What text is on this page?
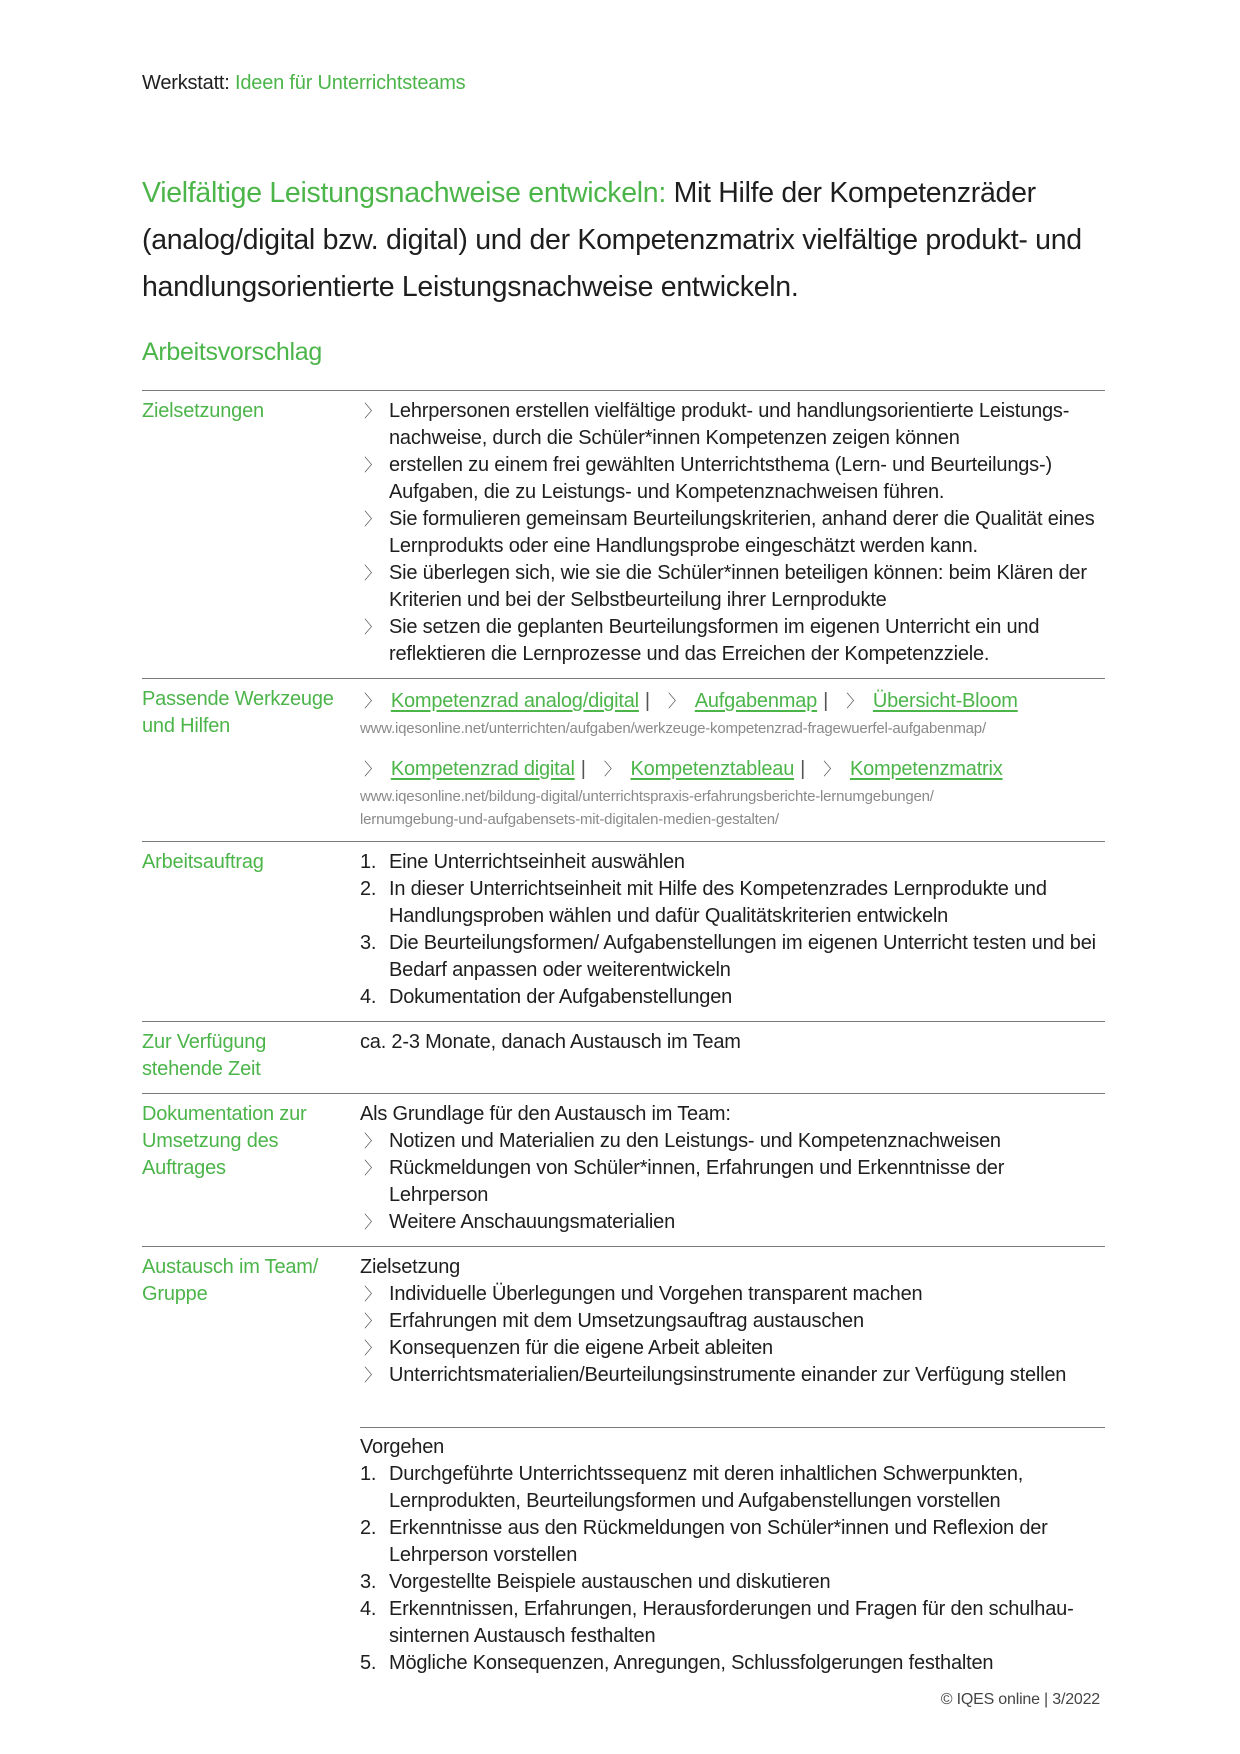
Werkstatt: Ideen für Unterrichtsteams
Vielfältige Leistungsnachweise entwickeln: Mit Hilfe der Kompetenzräder (analog/digital bzw. digital) und der Kompetenzmatrix vielfältige produkt- und handlungsorientierte Leistungsnachweise entwickeln.
Arbeitsvorschlag
Zielsetzungen	〉 Lehrpersonen erstellen vielfältige produkt- und handlungsorientierte Leistungs-nachweise, durch die Schüler*innen Kompetenzen zeigen können
〉 erstellen zu einem frei gewählten Unterrichtsthema (Lern- und Beurteilungs-) Aufgaben, die zu Leistungs- und Kompetenznachweisen führen.
〉 Sie formulieren gemeinsam Beurteilungskriterien, anhand derer die Qualität eines Lernprodukts oder eine Handlungsprobe eingeschätzt werden kann.
〉 Sie überlegen sich, wie sie die Schüler*innen beteiligen können: beim Klären der Kriterien und bei der Selbstbeurteilung ihrer Lernprodukte
〉 Sie setzen die geplanten Beurteilungsformen im eigenen Unterricht ein und reflektieren die Lernprozesse und das Erreichen der Kompetenzziele.
Passende Werkzeuge und Hilfen
〉 Kompetenzrad analog/digital | 〉 Aufgabenmap | 〉 Übersicht-Bloom
www.iqesonline.net/unterrichten/aufgaben/werkzeuge-kompetenzrad-fragewuerfel-aufgabenmap/
〉 Kompetenzrad digital | 〉 Kompetenztableau | 〉 Kompetenzmatrix
www.iqesonline.net/bildung-digital/unterrichtspraxis-erfahrungsberichte-lernumgebungen/
lernumgebung-und-aufgabensets-mit-digitalen-medien-gestalten/
Arbeitsauftrag	1. Eine Unterrichtseinheit auswählen
2. In dieser Unterrichtseinheit mit Hilfe des Kompetenzrades Lernprodukte und Handlungsproben wählen und dafür Qualitätskriterien entwickeln
3. Die Beurteilungsformen/ Aufgabenstellungen im eigenen Unterricht testen und bei Bedarf anpassen oder weiterentwickeln
4. Dokumentation der Aufgabenstellungen
Zur Verfügung stehende Zeit
ca. 2-3 Monate, danach Austausch im Team
Dokumentation zur Umsetzung des Auftrages
Als Grundlage für den Austausch im Team:
〉 Notizen und Materialien zu den Leistungs- und Kompetenznachweisen
〉 Rückmeldungen von Schüler*innen, Erfahrungen und Erkenntnisse der Lehrperson
〉 Weitere Anschauungsmaterialien
Austausch im Team/ Gruppe
Zielsetzung
〉 Individuelle Überlegungen und Vorgehen transparent machen
〉 Erfahrungen mit dem Umsetzungsauftrag austauschen
〉 Konsequenzen für die eigene Arbeit ableiten
〉 Unterrichtsmaterialien/Beurteilungsinstrumente einander zur Verfügung stellen
Vorgehen
1. Durchgeführte Unterrichtssequenz mit deren inhaltlichen Schwerpunkten, Lernprodukten, Beurteilungsformen und Aufgabenstellungen vorstellen
2. Erkenntnisse aus den Rückmeldungen von Schüler*innen und Reflexion der Lehrperson vorstellen
3. Vorgestellte Beispiele austauschen und diskutieren
4. Erkenntnissen, Erfahrungen, Herausforderungen und Fragen für den schulhau-sinternen Austausch festhalten
5. Mögliche Konsequenzen, Anregungen, Schlussfolgerungen festhalten
© IQES online | 3/2022
